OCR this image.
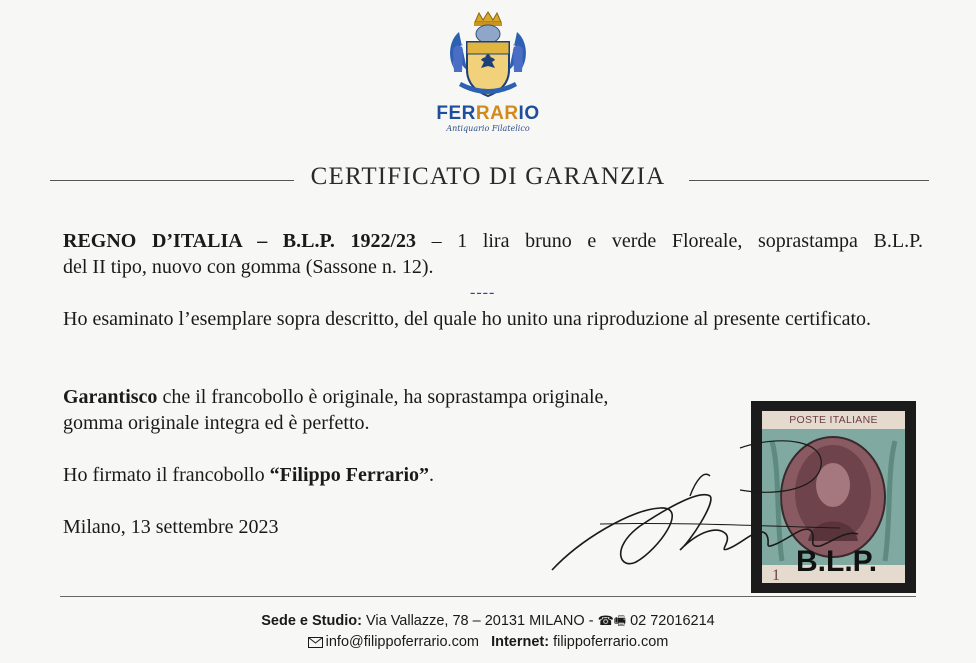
FERRARIO
Antiquario Filatelico
CERTIFICATO DI GARANZIA
REGNO D’ITALIA – B.L.P. 1922/23 – 1 lira bruno e verde Floreale, soprastampa B.L.P.
del II tipo, nuovo con gomma (Sassone n. 12).
----
Ho esaminato l’esemplare sopra descritto, del quale ho unito una riproduzione al presente certificato.
Garantisco che il francobollo è originale, ha soprastampa originale,
gomma originale integra ed è perfetto.
Ho firmato il francobollo “Filippo Ferrario”.
Milano, 13 settembre 2023
POSTE ITALIANE
1 B.L.P.
Sede e Studio: Via Vallazze, 78 – 20131 MILANO - ☎🖷 02 72016214
info@filippoferrario.com Internet: filippoferrario.com
